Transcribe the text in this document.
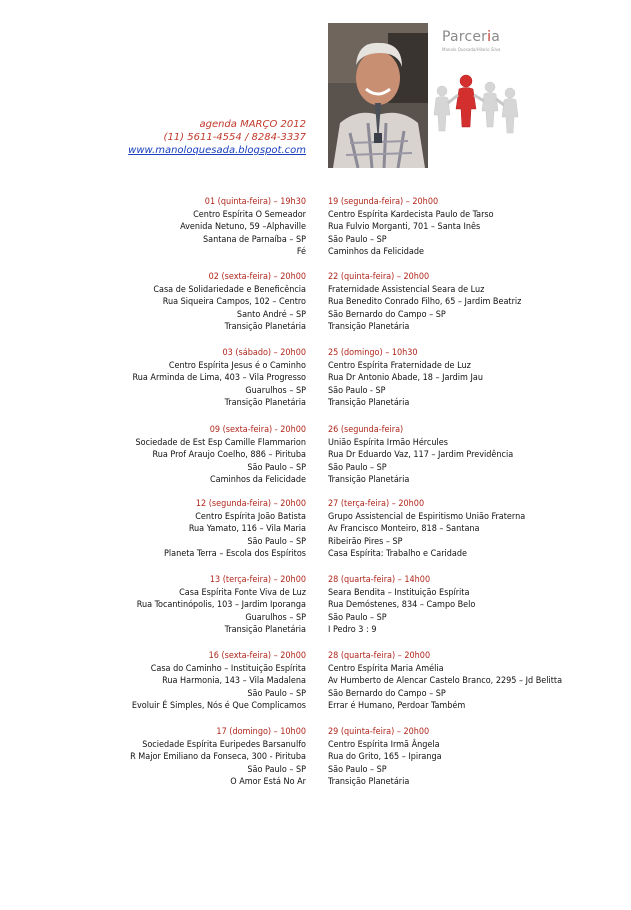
Parceria
Manolo Quesada/Hilario Silva
agenda MARÇO 2012
(11) 5611-4554 / 8284-3337
www.manoloquesada.blogspot.com
01 (quinta-feira) – 19h30
Centro Espírita O Semeador
Avenida Netuno, 59 –Alphaville
Santana de Parnaíba – SP
Fé
02 (sexta-feira) – 20h00
Casa de Solidariedade e Beneficência
Rua Siqueira Campos, 102 – Centro
Santo André – SP
Transição Planetária
03 (sábado) – 20h00
Centro Espírita Jesus é o Caminho
Rua Arminda de Lima, 403 – Vila Progresso
Guarulhos – SP
Transição Planetária
09 (sexta-feira) - 20h00
Sociedade de Est Esp Camille Flammarion
Rua Prof Araujo Coelho, 886 – Pirituba
São Paulo – SP
Caminhos da Felicidade
12 (segunda-feira) – 20h00
Centro Espírita João Batista
Rua Yamato, 116 – Vila Maria
São Paulo – SP
Planeta Terra – Escola dos Espíritos
13 (terça-feira) – 20h00
Casa Espírita Fonte Viva de Luz
Rua Tocantinópolis, 103 – Jardim Iporanga
Guarulhos – SP
Transição Planetária
16 (sexta-feira) – 20h00
Casa do Caminho – Instituição Espírita
Rua Harmonia, 143 – Vila Madalena
São Paulo – SP
Evoluir É Simples, Nós é Que Complicamos
17 (domingo) – 10h00
Sociedade Espírita Euripedes Barsanulfo
R Major Emiliano da Fonseca, 300 - Pirituba
São Paulo – SP
O Amor Está No Ar
19 (segunda-feira) – 20h00
Centro Espírita Kardecista Paulo de Tarso
Rua Fulvio Morganti, 701 – Santa Inês
São Paulo – SP
Caminhos da Felicidade
22 (quinta-feira) – 20h00
Fraternidade Assistencial Seara de Luz
Rua Benedito Conrado Filho, 65 – Jardim Beatriz
São Bernardo do Campo – SP
Transição Planetária
25 (domingo) – 10h30
Centro Espírita Fraternidade de Luz
Rua Dr Antonio Abade, 18 – Jardim Jau
São Paulo - SP
Transição Planetária
26 (segunda-feira)
União Espírita Irmão Hércules
Rua Dr Eduardo Vaz, 117 – Jardim Previdência
São Paulo – SP
Transição Planetária
27 (terça-feira) – 20h00
Grupo Assistencial de Espiritismo União Fraterna
Av Francisco Monteiro, 818 – Santana
Ribeirão Pires – SP
Casa Espírita: Trabalho e Caridade
28 (quarta-feira) – 14h00
Seara Bendita – Instituição Espírita
Rua Demóstenes, 834 – Campo Belo
São Paulo – SP
I Pedro 3 : 9
28 (quarta-feira) – 20h00
Centro Espírita Maria Amélia
Av Humberto de Alencar Castelo Branco, 2295 – Jd Belitta
São Bernardo do Campo – SP
Errar é Humano, Perdoar Também
29 (quinta-feira) – 20h00
Centro Espírita Irmã Ângela
Rua do Grito, 165 – Ipiranga
São Paulo – SP
Transição Planetária
